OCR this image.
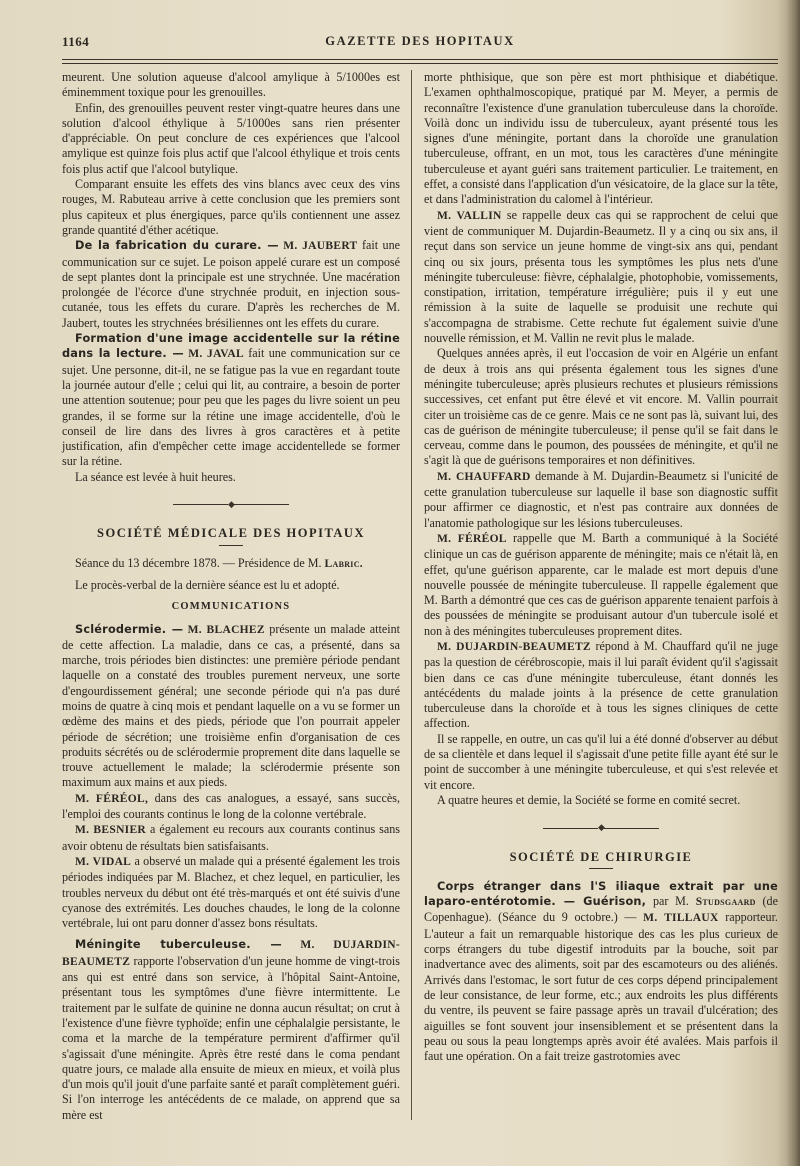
1164	GAZETTE DES HOPITAUX

meurent. Une solution aqueuse d'alcool amylique à 5/1000es est éminemment toxique pour les grenouilles.

Enfin, des grenouilles peuvent rester vingt-quatre heures dans une solution d'alcool éthylique à 5/1000es sans rien présenter d'appréciable. On peut conclure de ces expériences que l'alcool amylique est quinze fois plus actif que l'alcool éthylique et trois cents fois plus actif que l'alcool butylique.

Comparant ensuite les effets des vins blancs avec ceux des vins rouges, M. Rabuteau arrive à cette conclusion que les premiers sont plus capiteux et plus énergiques, parce qu'ils contiennent une assez grande quantité d'éther acétique.

De la fabrication du curare. — M. JAUBERT fait une communication sur ce sujet. Le poison appelé curare est un composé de sept plantes dont la principale est une strychnée. Une macération prolongée de l'écorce d'une strychnée produit, en injection sous-cutanée, tous les effets du curare. D'après les recherches de M. Jaubert, toutes les strychnées brésiliennes ont les effets du curare.

Formation d'une image accidentelle sur la rétine dans la lecture. — M. JAVAL fait une communication sur ce sujet. Une personne, dit-il, ne se fatigue pas la vue en regardant toute la journée autour d'elle ; celui qui lit, au contraire, a besoin de porter une attention soutenue; pour peu que les pages du livre soient un peu grandes, il se forme sur la rétine une image accidentelle, d'où le conseil de lire dans des livres à gros caractères et à petite justification, afin d'empêcher cette image accidentellede se former sur la rétine.

La séance est levée à huit heures.

◆
SOCIÉTÉ MÉDICALE DES HOPITAUX

Séance du 13 décembre 1878. — Présidence de M. Labric.

Le procès-verbal de la dernière séance est lu et adopté.

COMMUNICATIONS

Sclérodermie. — M. BLACHEZ présente un malade atteint de cette affection. La maladie, dans ce cas, a présenté, dans sa marche, trois périodes bien distinctes: une première période pendant laquelle on a constaté des troubles purement nerveux, une sorte d'engourdissement général; une seconde période qui n'a pas duré moins de quatre à cinq mois et pendant laquelle on a vu se former un œdème des mains et des pieds, période que l'on pourrait appeler période de sécrétion; une troisième enfin d'organisation de ces produits sécrétés ou de sclérodermie proprement dite dans laquelle se trouve actuellement le malade; la sclérodermie présente son maximum aux mains et aux pieds.

M. FÉRÉOL, dans des cas analogues, a essayé, sans succès, l'emploi des courants continus le long de la colonne vertébrale.

M. BESNIER a également eu recours aux courants continus sans avoir obtenu de résultats bien satisfaisants.

M. VIDAL a observé un malade qui a présenté également les trois périodes indiquées par M. Blachez, et chez lequel, en particulier, les troubles nerveux du début ont été très-marqués et ont été suivis d'une cyanose des extrémités. Les douches chaudes, le long de la colonne vertébrale, lui ont paru donner d'assez bons résultats.

Méningite tuberculeuse. — M. DUJARDIN-BEAUMETZ rapporte l'observation d'un jeune homme de vingt-trois ans qui est entré dans son service, à l'hôpital Saint-Antoine, présentant tous les symptômes d'une fièvre intermittente. Le traitement par le sulfate de quinine ne donna aucun résultat; on crut à l'existence d'une fièvre typhoïde; enfin une céphalalgie persistante, le coma et la marche de la température permirent d'affirmer qu'il s'agissait d'une méningite. Après être resté dans le coma pendant quatre jours, ce malade alla ensuite de mieux en mieux, et voilà plus d'un mois qu'il jouit d'une parfaite santé et paraît complètement guéri. Si l'on interroge les antécédents de ce malade, on apprend que sa mère est

morte phthisique, que son père est mort phthisique et diabétique. L'examen ophthalmoscopique, pratiqué par M. Meyer, a permis de reconnaître l'existence d'une granulation tuberculeuse dans la choroïde. Voilà donc un individu issu de tuberculeux, ayant présenté tous les signes d'une méningite, portant dans la choroïde une granulation tuberculeuse, offrant, en un mot, tous les caractères d'une méningite tuberculeuse et ayant guéri sans traitement particulier. Le traitement, en effet, a consisté dans l'application d'un vésicatoire, de la glace sur la tête, et dans l'administration du calomel à l'intérieur.

M. VALLIN se rappelle deux cas qui se rapprochent de celui que vient de communiquer M. Dujardin-Beaumetz. Il y a cinq ou six ans, il reçut dans son service un jeune homme de vingt-six ans qui, pendant cinq ou six jours, présenta tous les symptômes les plus nets d'une méningite tuberculeuse: fièvre, céphalalgie, photophobie, vomissements, constipation, irritation, température irrégulière; puis il y eut une rémission à la suite de laquelle se produisit une rechute qui s'accompagna de strabisme. Cette rechute fut également suivie d'une nouvelle rémission, et M. Vallin ne revit plus le malade.

Quelques années après, il eut l'occasion de voir en Algérie un enfant de deux à trois ans qui présenta également tous les signes d'une méningite tuberculeuse; après plusieurs rechutes et plusieurs rémissions successives, cet enfant put être élevé et vit encore. M. Vallin pourrait citer un troisième cas de ce genre. Mais ce ne sont pas là, suivant lui, des cas de guérison de méningite tuberculeuse; il pense qu'il se fait dans le cerveau, comme dans le poumon, des poussées de méningite, et qu'il ne s'agit là que de guérisons temporaires et non définitives.

M. CHAUFFARD demande à M. Dujardin-Beaumetz si l'unicité de cette granulation tuberculeuse sur laquelle il base son diagnostic suffit pour affirmer ce diagnostic, et n'est pas contraire aux données de l'anatomie pathologique sur les lésions tuberculeuses.

M. FÉRÉOL rappelle que M. Barth a communiqué à la Société clinique un cas de guérison apparente de méningite; mais ce n'était là, en effet, qu'une guérison apparente, car le malade est mort depuis d'une nouvelle poussée de méningite tuberculeuse. Il rappelle également que M. Barth a démontré que ces cas de guérison apparente tenaient parfois à des poussées de méningite se produisant autour d'un tubercule isolé et non à des méningites tuberculeuses proprement dites.

M. DUJARDIN-BEAUMETZ répond à M. Chauffard qu'il ne juge pas la question de cérébroscopie, mais il lui paraît évident qu'il s'agissait bien dans ce cas d'une méningite tuberculeuse, étant donnés les antécédents du malade joints à la présence de cette granulation tuberculeuse dans la choroïde et à tous les signes cliniques de cette affection.

Il se rappelle, en outre, un cas qu'il lui a été donné d'observer au début de sa clientèle et dans lequel il s'agissait d'une petite fille ayant été sur le point de succomber à une méningite tuberculeuse, et qui s'est relevée et vit encore.

A quatre heures et demie, la Société se forme en comité secret.

◆
SOCIÉTÉ DE CHIRURGIE

Corps étranger dans l'S iliaque extrait par une laparo-entérotomie. — Guérison, par M. Studsgaard (de Copenhague). (Séance du 9 octobre.) — M. TILLAUX rapporteur. L'auteur a fait un remarquable historique des cas les plus curieux de corps étrangers du tube digestif introduits par la bouche, soit par inadvertance avec des aliments, soit par des escamoteurs ou des aliénés. Arrivés dans l'estomac, le sort futur de ces corps dépend principalement de leur consistance, de leur forme, etc.; aux endroits les plus différents du ventre, ils peuvent se faire passage après un travail d'ulcération; des aiguilles se font souvent jour insensiblement et se présentent dans la peau ou sous la peau longtemps après avoir été avalées. Mais parfois il faut une opération. On a fait treize gastrotomies avec
